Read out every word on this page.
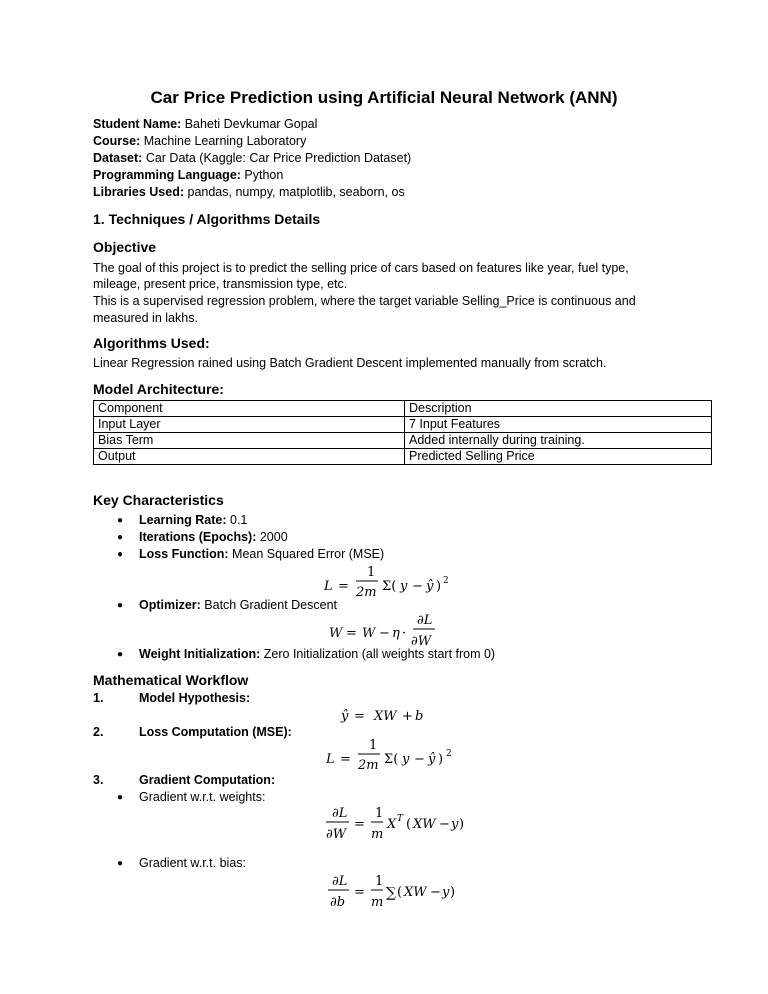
Car Price Prediction using Artificial Neural Network (ANN)
Student Name: Baheti Devkumar Gopal
Course: Machine Learning Laboratory
Dataset: Car Data (Kaggle: Car Price Prediction Dataset)
Programming Language: Python
Libraries Used: pandas, numpy, matplotlib, seaborn, os
1. Techniques / Algorithms Details
Objective
The goal of this project is to predict the selling price of cars based on features like year, fuel type,
mileage, present price, transmission type, etc.
This is a supervised regression problem, where the target variable Selling_Price is continuous and
measured in lakhs.
Algorithms Used:
Linear Regression rained using Batch Gradient Descent implemented manually from scratch.
Model Architecture:
Component	Description
Input Layer	7 Input Features
Bias Term	Added internally during training.
Output	Predicted Selling Price
Key Characteristics
● Learning Rate: 0.1
● Iterations (Epochs): 2000
● Loss Function: Mean Squared Error (MSE)
L =
1
2m Σ( y − ŷ ) 2
● Optimizer: Batch Gradient Descent
W = W − η ·
∂L
∂W
● Weight Initialization: Zero Initialization (all weights start from 0)
Mathematical Workflow
1.	Model Hypothesis:
ŷ = XW + b
2.	Loss Computation (MSE):
L =
1
2m Σ( y − ŷ ) 2
3.	Gradient Computation:
● Gradient w.r.t. weights:
∂L
∂W
=
1
m
X T ( XW − y )
● Gradient w.r.t. bias:
∂L
∂b
=
1
m
∑ ( XW − y )
